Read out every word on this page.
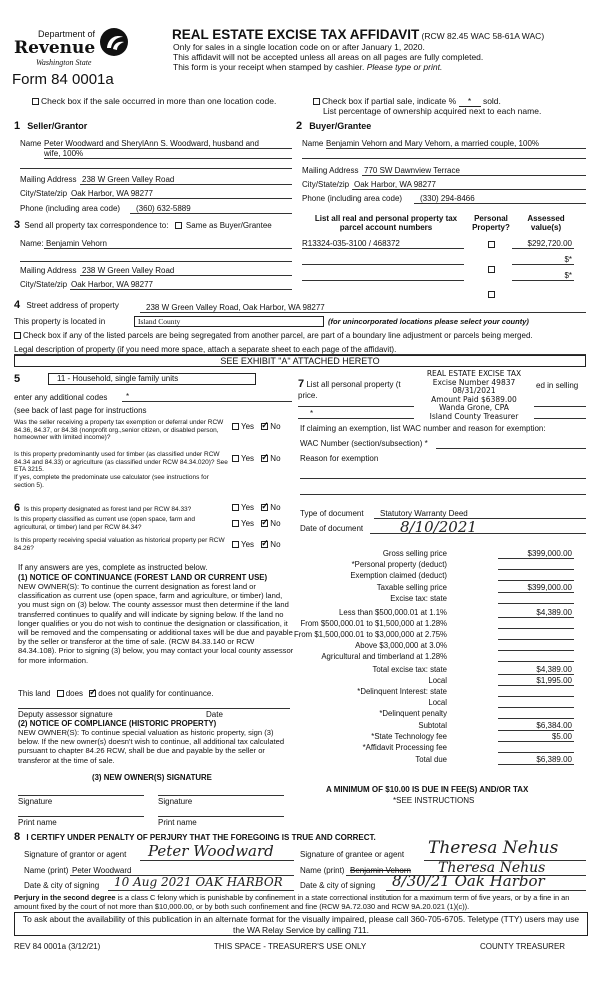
Department of
Revenue
Washington State
Form 84 0001a
REAL ESTATE EXCISE TAX AFFIDAVIT (RCW 82.45 WAC 58-61A WAC)
Only for sales in a single location code on or after January 1, 2020.
This affidavit will not be accepted unless all areas on all pages are fully completed.
This form is your receipt when stamped by cashier. Please type or print.
Check box if the sale occurred in more than one location code.	Check box if partial sale, indicate % * sold.
List percentage of ownership acquired next to each name.
1 Seller/Grantor
Name Peter Woodward and SherylAnn S. Woodward, husband and
wife, 100%
Mailing Address 238 W Green Valley Road
City/State/zip Oak Harbor, WA 98277
Phone (including area code) (360) 632-5889
2 Buyer/Grantee
Name Benjamin Vehorn and Mary Vehorn, a married couple, 100%
Mailing Address 770 SW Dawnview Terrace
City/State/zip Oak Harbor, WA 98277
Phone (including area code) (330) 294-8466
3 Send all property tax correspondence to: Same as Buyer/Grantee
Name: Benjamin Vehorn
Mailing Address 238 W Green Valley Road
City/State/zip Oak Harbor, WA 98277
List all real and personal property tax parcel account numbers
Personal Property?
Assessed value(s)
R13324-035-3100 / 468372	$292,720.00
$*
$*
4 Street address of property	238 W Green Valley Road, Oak Harbor, WA 98277
This property is located in	Island County	(for unincorporated locations please select your county)
Check box if any of the listed parcels are being segregated from another parcel, are part of a boundary line adjustment or parcels being merged.
Legal description of property (if you need more space, attach a separate sheet to each page of the affidavit).
SEE EXHIBIT "A" ATTACHED HERETO
5	11 - Household, single family units
enter any additional codes *
(see back of last page for instructions
Was the seller receiving a property tax exemption or deferral under RCW 84.36, 84.37, or 84.38 (nonprofit org.,senior citizen, or disabled person, homeowner with limited income)?
Yes ✓ No
Is this property predominantly used for timber (as classified under RCW 84.34 and 84.33) or agriculture (as classified under RCW 84.34.020)? See ETA 3215.
If yes, complete the predominate use calculator (see instructions for section 5).
Yes ✓ No
6 Is this property designated as forest land per RCW 84.33?	Yes ✓ No
Is this property classified as current use (open space, farm and agricultural, or timber) land per RCW 84.34?	Yes ✓ No
Is this property receiving special valuation as historical property per RCW 84.26?	Yes ✓ No
If any answers are yes, complete as instructed below.
(1) NOTICE OF CONTINUANCE (FOREST LAND OR CURRENT USE)
NEW OWNER(S): To continue the current designation as forest land or classification as current use (open space, farm and agriculture, or timber) land, you must sign on (3) below. The county assessor must then determine if the land transferred continues to qualify and will indicate by signing below. If the land no longer qualifies or you do not wish to continue the designation or classification, it will be removed and the compensating or additional taxes will be due and payable by the seller or transferor at the time of sale. (RCW 84.33.140 or RCW 84.34.108). Prior to signing (3) below, you may contact your local county assessor for more information.
This land does ✓ does not qualify for continuance.
Deputy assessor signature	Date
(2) NOTICE OF COMPLIANCE (HISTORIC PROPERTY)
NEW OWNER(S): To continue special valuation as historic property, sign (3) below. If the new owner(s) doesn't wish to continue, all additional tax calculated pursuant to chapter 84.26 RCW, shall be due and payable by the seller or transferor at the time of sale.
(3) NEW OWNER(S) SIGNATURE
Signature	Signature
Print name	Print name
7 List all personal property (t	ed in selling
price.
*
If claiming an exemption, list WAC number and reason for exemption:
WAC Number (section/subsection) *
Reason for exemption
REAL ESTATE EXCISE TAX
Excise Number 49837
08/31/2021
Amount Paid $6389.00
Wanda Grone, CPA
Island County Treasurer
Type of document Statutory Warranty Deed
Date of document 8/10/2021
Gross selling price	$399,000.00
*Personal property (deduct)
Exemption claimed (deduct)
Taxable selling price	$399,000.00
Excise tax: state
Less than $500,000.01 at 1.1%	$4,389.00
From $500,000.01 to $1,500,000 at 1.28%
From $1,500,000.01 to $3,000,000 at 2.75%
Above $3,000,000 at 3.0%
Agricultural and timberland at 1.28%
Total excise tax: state	$4,389.00
Local	$1,995.00
*Delinquent Interest: state
Local
*Delinquent penalty
Subtotal	$6,384.00
*State Technology fee	$5.00
*Affidavit Processing fee
Total due	$6,389.00
A MINIMUM OF $10.00 IS DUE IN FEE(S) AND/OR TAX
*SEE INSTRUCTIONS
8 I CERTIFY UNDER PENALTY OF PERJURY THAT THE FOREGOING IS TRUE AND CORRECT.
Signature of grantor or agent Peter Woodward
Name (print) Peter Woodward
Date & city of signing 10 Aug 2021 OAK HARBOR
Signature of grantee or agent Theresa Nehus
Name (print) Benjamin Vehorn Theresa Nehus
Date & city of signing 8/30/21 Oak Harbor
Perjury in the second degree is a class C felony which is punishable by confinement in a state correctional institution for a maximum term of five years, or by a fine in an amount fixed by the court of not more than $10,000.00, or by both such confinement and fine (RCW 9A.72.030 and RCW 9A.20.021 (1)(c)).
To ask about the availability of this publication in an alternate format for the visually impaired, please call 360-705-6705. Teletype (TTY) users may use the WA Relay Service by calling 711.
REV 84 0001a (3/12/21)	THIS SPACE - TREASURER'S USE ONLY	COUNTY TREASURER
